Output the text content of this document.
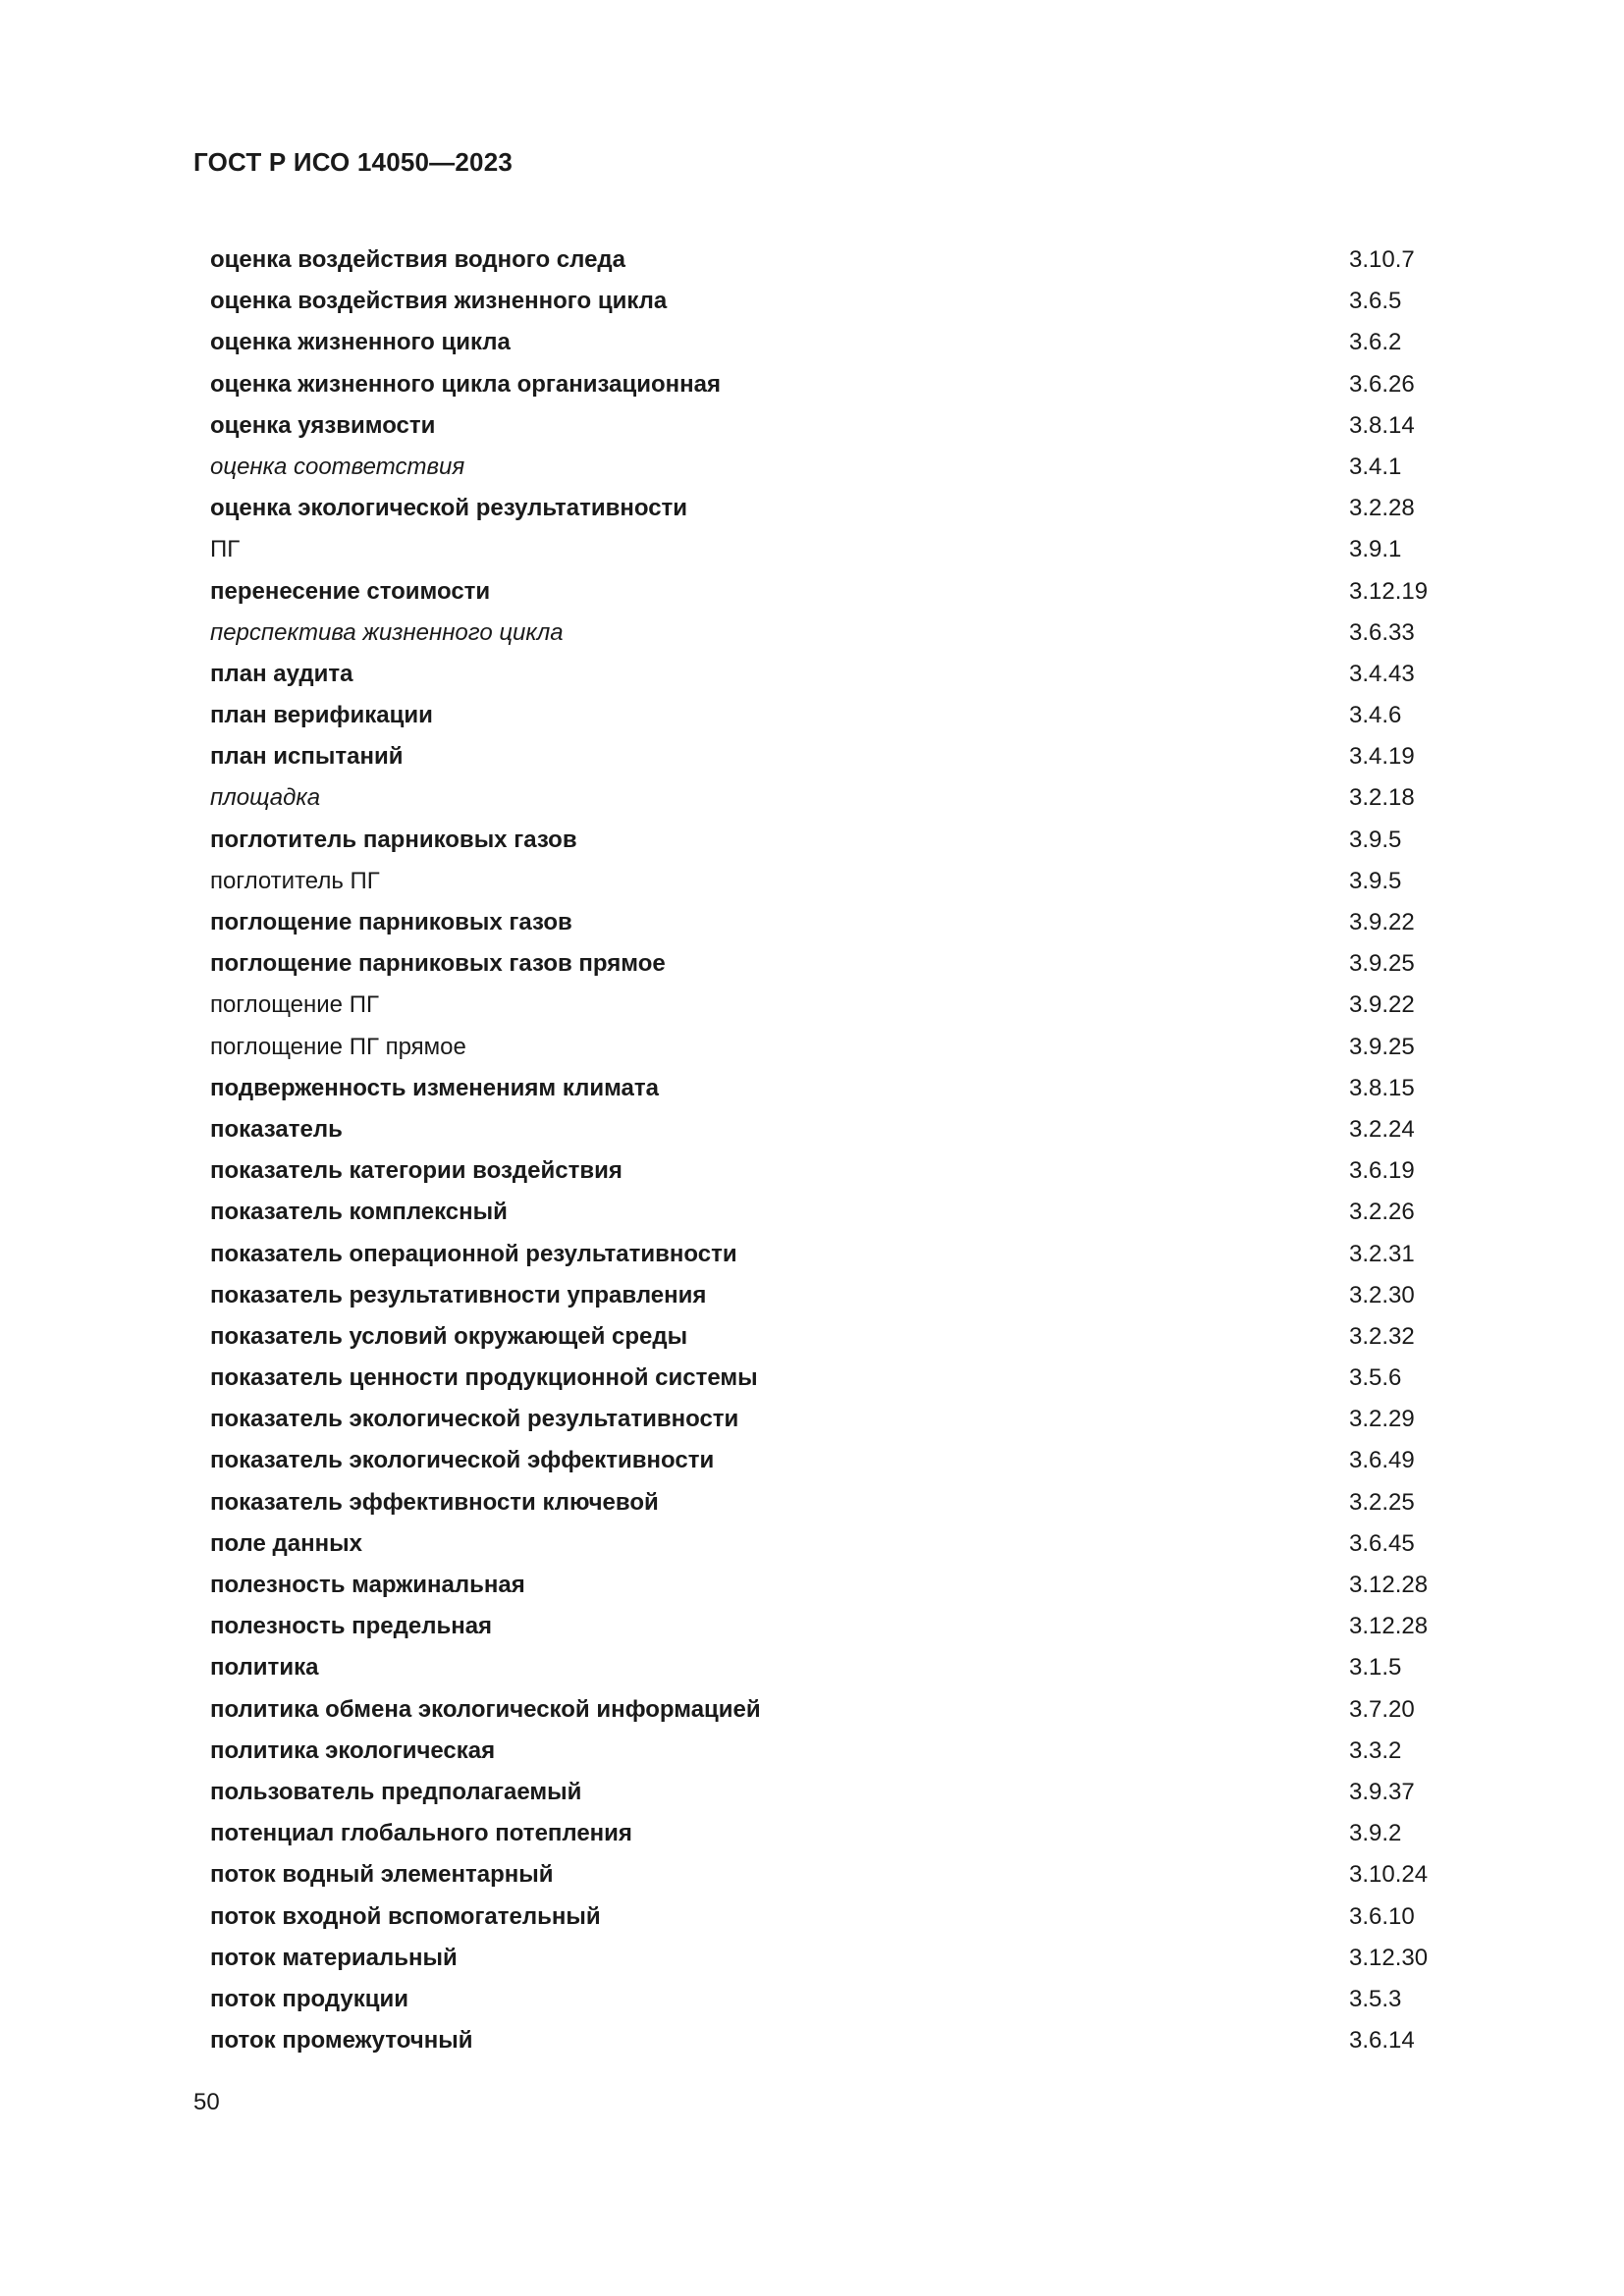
ГОСТ Р ИСО 14050—2023
оценка воздействия водного следа	3.10.7
оценка воздействия жизненного цикла	3.6.5
оценка жизненного цикла	3.6.2
оценка жизненного цикла организационная	3.6.26
оценка уязвимости	3.8.14
оценка соответствия	3.4.1
оценка экологической результативности	3.2.28
ПГ	3.9.1
перенесение стоимости	3.12.19
перспектива жизненного цикла	3.6.33
план аудита	3.4.43
план верификации	3.4.6
план испытаний	3.4.19
площадка	3.2.18
поглотитель парниковых газов	3.9.5
поглотитель ПГ	3.9.5
поглощение парниковых газов	3.9.22
поглощение парниковых газов прямое	3.9.25
поглощение ПГ	3.9.22
поглощение ПГ прямое	3.9.25
подверженность изменениям климата	3.8.15
показатель	3.2.24
показатель категории воздействия	3.6.19
показатель комплексный	3.2.26
показатель операционной результативности	3.2.31
показатель результативности управления	3.2.30
показатель условий окружающей среды	3.2.32
показатель ценности продукционной системы	3.5.6
показатель экологической результативности	3.2.29
показатель экологической эффективности	3.6.49
показатель эффективности ключевой	3.2.25
поле данных	3.6.45
полезность маржинальная	3.12.28
полезность предельная	3.12.28
политика	3.1.5
политика обмена экологической информацией	3.7.20
политика экологическая	3.3.2
пользователь предполагаемый	3.9.37
потенциал глобального потепления	3.9.2
поток водный элементарный	3.10.24
поток входной вспомогательный	3.6.10
поток материальный	3.12.30
поток продукции	3.5.3
поток промежуточный	3.6.14
50
